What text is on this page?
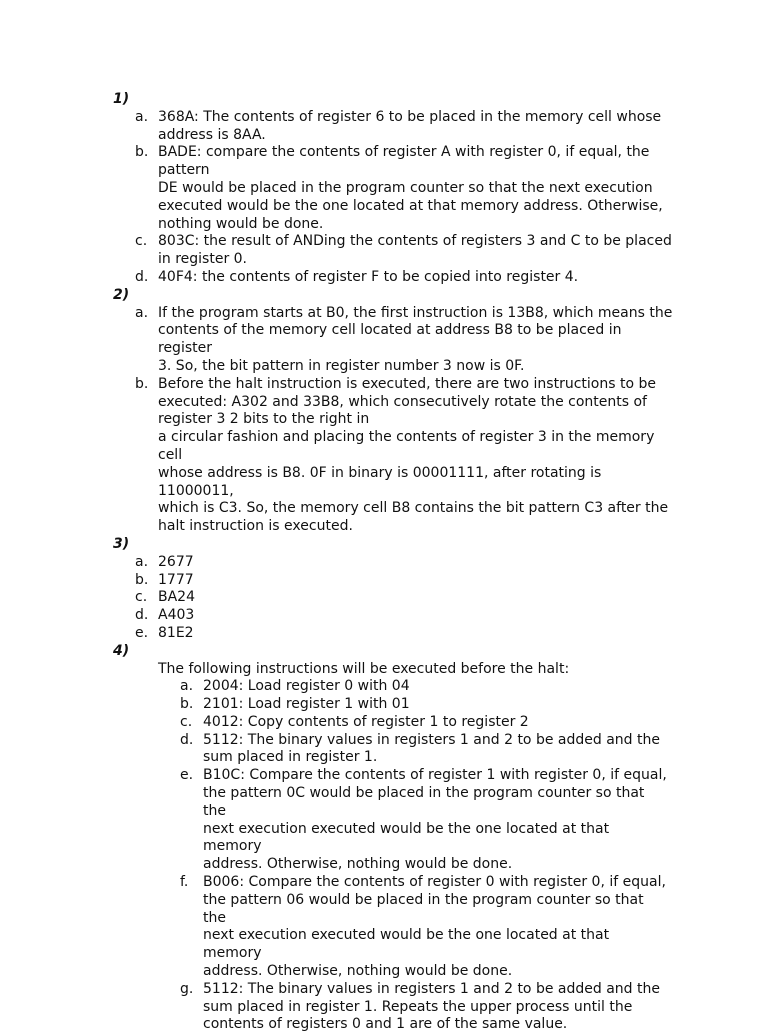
1)
a. 368A: The contents of register 6 to be placed in the memory cell whose

address is 8AA.

b. BADE: compare the contents of register A with register 0, if equal, the

pattern

DE would be placed in the program counter so that the next execution

executed would be the one located at that memory address. Otherwise,

nothing would be done.

c. 803C: the result of ANDing the contents of registers 3 and C to be placed

in register 0.

d. 40F4: the contents of register F to be copied into register 4.

2)
a. If the program starts at B0, the first instruction is 13B8, which means the

contents of the memory cell located at address B8 to be placed in register

3. So, the bit pattern in register number 3 now is 0F.

b. Before the halt instruction is executed, there are two instructions to be

executed: A302 and 33B8, which consecutively rotate the contents of

register 3 2 bits to the right in

a circular fashion and placing the contents of register 3 in the memory cell

whose address is B8. 0F in binary is 00001111, after rotating is 11000011,

which is C3. So, the memory cell B8 contains the bit pattern C3 after the

halt instruction is executed.

3)
a. 2677

b. 1777

c. BA24

d. A403

e. 81E2

4)

The following instructions will be executed before the halt:

a. 2004: Load register 0 with 04

b. 2101: Load register 1 with 01

c. 4012: Copy contents of register 1 to register 2

d. 5112: The binary values in registers 1 and 2 to be added and the

sum placed in register 1.

e. B10C: Compare the contents of register 1 with register 0, if equal,

the pattern 0C would be placed in the program counter so that the

next execution executed would be the one located at that memory

address. Otherwise, nothing would be done.

f. B006: Compare the contents of register 0 with register 0, if equal,

the pattern 06 would be placed in the program counter so that the

next execution executed would be the one located at that memory

address. Otherwise, nothing would be done.

g. 5112: The binary values in registers 1 and 2 to be added and the

sum placed in register 1. Repeats the upper process until the

contents of registers 0 and 1 are of the same value.
